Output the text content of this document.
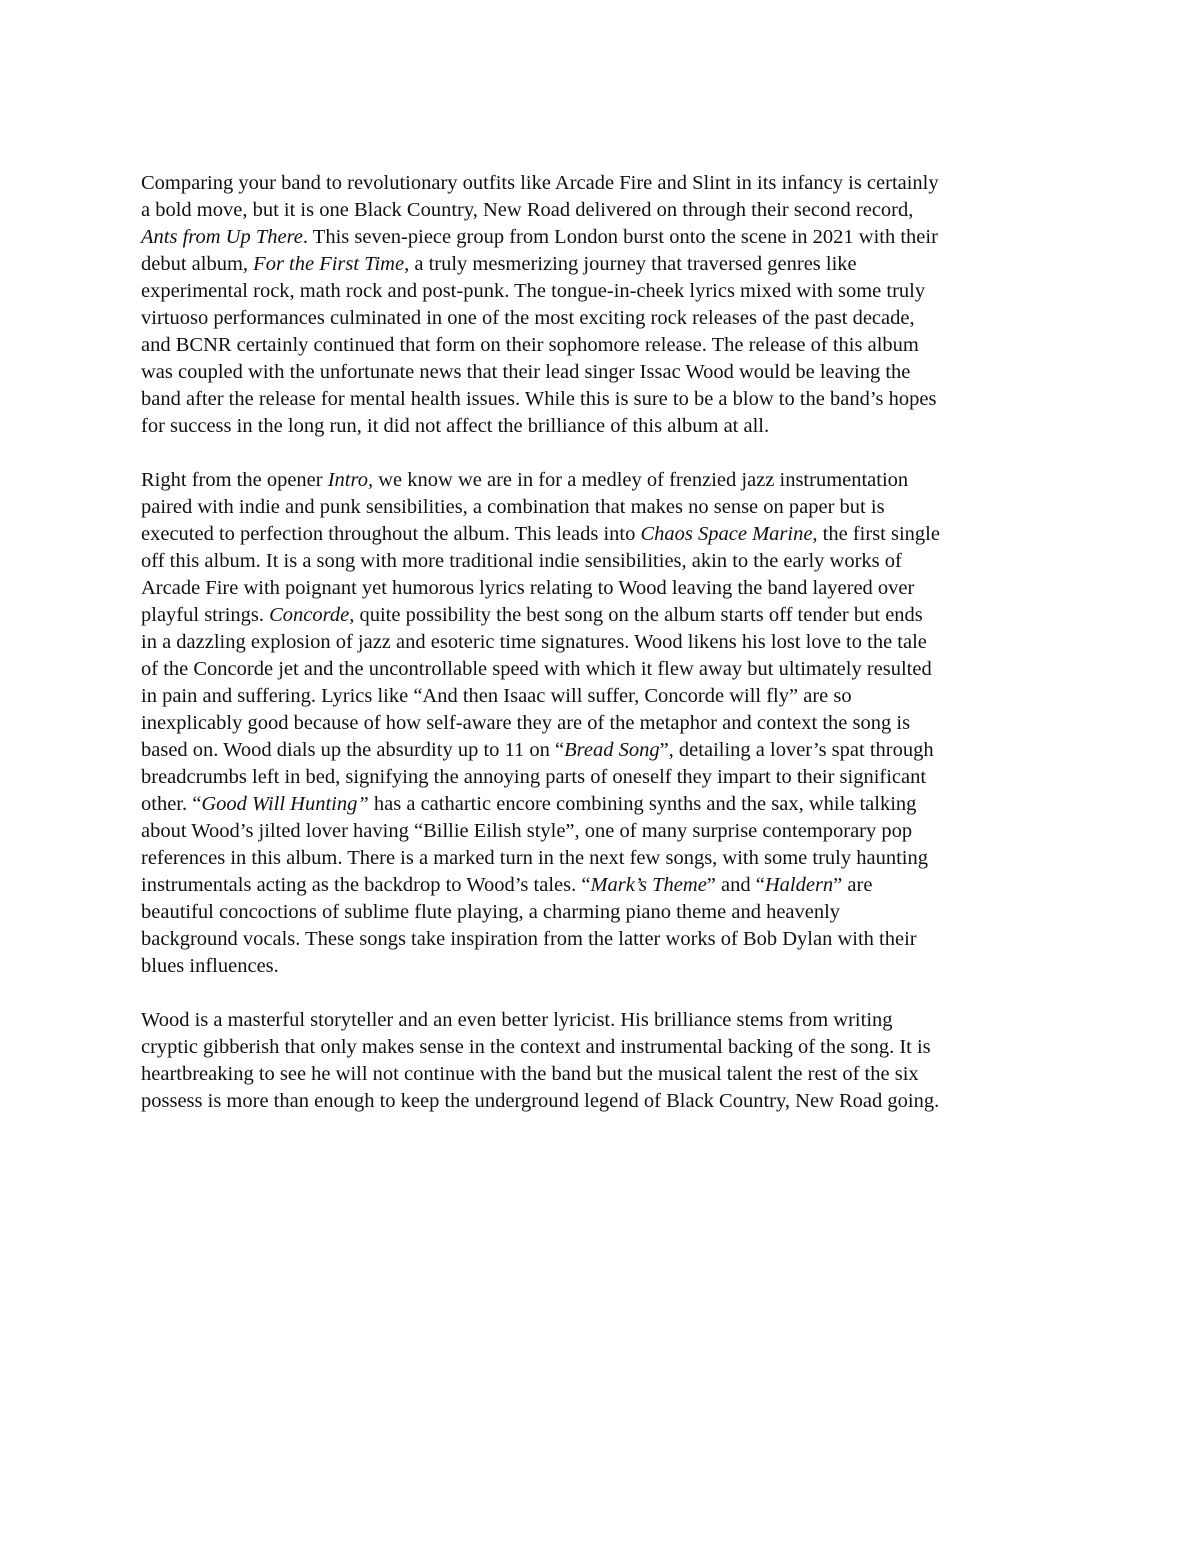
Comparing your band to revolutionary outfits like Arcade Fire and Slint in its infancy is certainly
a bold move, but it is one Black Country, New Road delivered on through their second record,
Ants from Up There. This seven-piece group from London burst onto the scene in 2021 with their
debut album, For the First Time, a truly mesmerizing journey that traversed genres like
experimental rock, math rock and post-punk. The tongue-in-cheek lyrics mixed with some truly
virtuoso performances culminated in one of the most exciting rock releases of the past decade,
and BCNR certainly continued that form on their sophomore release. The release of this album
was coupled with the unfortunate news that their lead singer Issac Wood would be leaving the
band after the release for mental health issues. While this is sure to be a blow to the band’s hopes
for success in the long run, it did not affect the brilliance of this album at all.

Right from the opener Intro, we know we are in for a medley of frenzied jazz instrumentation
paired with indie and punk sensibilities, a combination that makes no sense on paper but is
executed to perfection throughout the album. This leads into Chaos Space Marine, the first single
off this album. It is a song with more traditional indie sensibilities, akin to the early works of
Arcade Fire with poignant yet humorous lyrics relating to Wood leaving the band layered over
playful strings. Concorde, quite possibility the best song on the album starts off tender but ends
in a dazzling explosion of jazz and esoteric time signatures. Wood likens his lost love to the tale
of the Concorde jet and the uncontrollable speed with which it flew away but ultimately resulted
in pain and suffering. Lyrics like “And then Isaac will suffer, Concorde will fly” are so
inexplicably good because of how self-aware they are of the metaphor and context the song is
based on. Wood dials up the absurdity up to 11 on “Bread Song”, detailing a lover’s spat through
breadcrumbs left in bed, signifying the annoying parts of oneself they impart to their significant
other. “Good Will Hunting” has a cathartic encore combining synths and the sax, while talking
about Wood’s jilted lover having “Billie Eilish style”, one of many surprise contemporary pop
references in this album. There is a marked turn in the next few songs, with some truly haunting
instrumentals acting as the backdrop to Wood’s tales. “Mark’s Theme” and “Haldern” are
beautiful concoctions of sublime flute playing, a charming piano theme and heavenly
background vocals. These songs take inspiration from the latter works of Bob Dylan with their
blues influences.

Wood is a masterful storyteller and an even better lyricist. His brilliance stems from writing
cryptic gibberish that only makes sense in the context and instrumental backing of the song. It is
heartbreaking to see he will not continue with the band but the musical talent the rest of the six
possess is more than enough to keep the underground legend of Black Country, New Road going.
